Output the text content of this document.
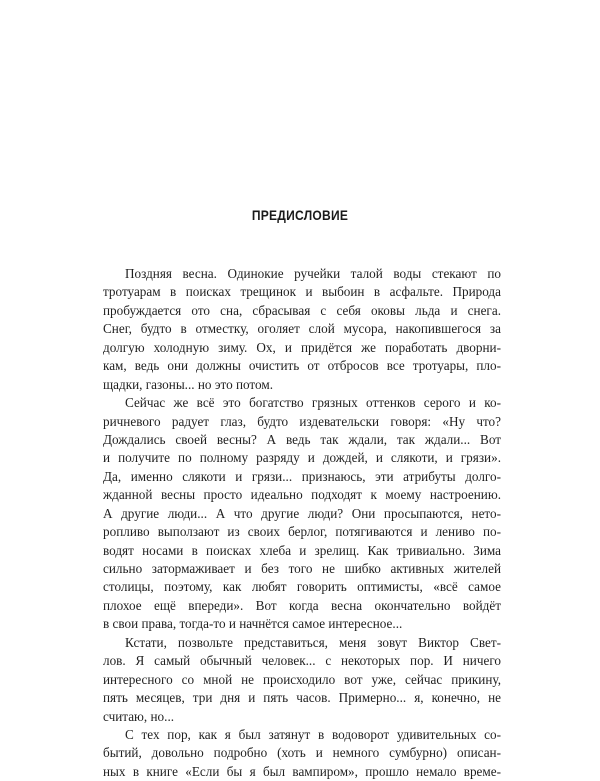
ПРЕДИСЛОВИЕ
Поздняя весна. Одинокие ручейки талой воды стекают по
тротуарам в поисках трещинок и выбоин в асфальте. Природа
пробуждается ото сна, сбрасывая с себя оковы льда и снега.
Снег, будто в отместку, оголяет слой мусора, накопившегося за
долгую холодную зиму. Ох, и придётся же поработать дворни-
кам, ведь они должны очистить от отбросов все тротуары, пло-
щадки, газоны... но это потом.
Сейчас же всё это богатство грязных оттенков серого и ко-
ричневого радует глаз, будто издевательски говоря: «Ну что?
Дождались своей весны? А ведь так ждали, так ждали... Вот
и получите по полному разряду и дождей, и слякоти, и грязи».
Да, именно слякоти и грязи... признаюсь, эти атрибуты долго-
жданной весны просто идеально подходят к моему настроению.
А другие люди... А что другие люди? Они просыпаются, нето-
ропливо выползают из своих берлог, потягиваются и лениво по-
водят носами в поисках хлеба и зрелищ. Как тривиально. Зима
сильно затормаживает и без того не шибко активных жителей
столицы, поэтому, как любят говорить оптимисты, «всё самое
плохое ещё впереди». Вот когда весна окончательно войдёт
в свои права, тогда-то и начнётся самое интересное...
Кстати, позвольте представиться, меня зовут Виктор Свет-
лов. Я самый обычный человек... с некоторых пор. И ничего
интересного со мной не происходило вот уже, сейчас прикину,
пять месяцев, три дня и пять часов. Примерно... я, конечно, не
считаю, но...
С тех пор, как я был затянут в водоворот удивительных со-
бытий, довольно подробно (хоть и немного сумбурно) описан-
ных в книге «Если бы я был вампиром», прошло немало време-
